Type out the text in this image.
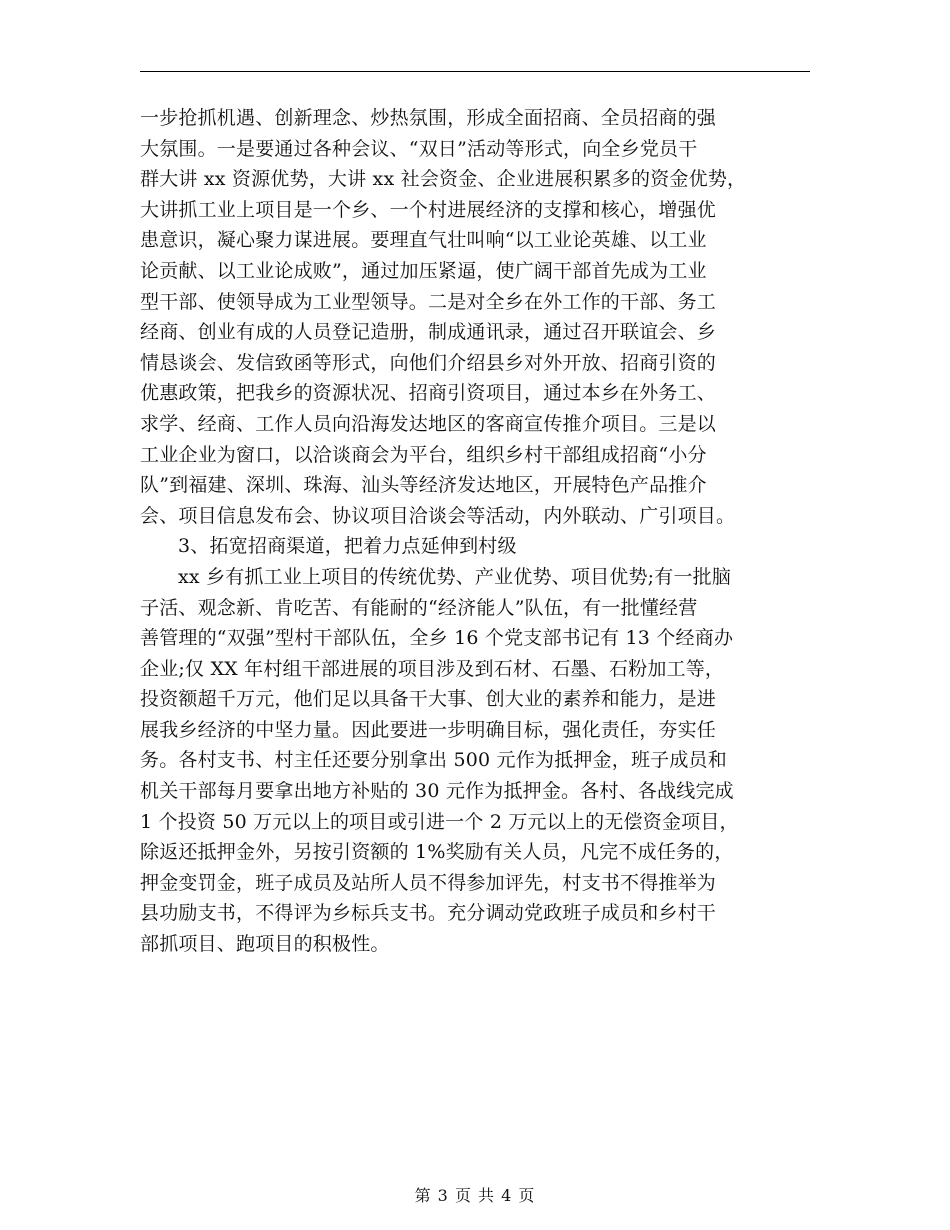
一步抢抓机遇、创新理念、炒热氛围，形成全面招商、全员招商的强
大氛围。一是要通过各种会议、“双日”活动等形式，向全乡党员干
群大讲 xx 资源优势，大讲 xx 社会资金、企业进展积累多的资金优势，
大讲抓工业上项目是一个乡、一个村进展经济的支撑和核心，增强优
患意识，凝心聚力谋进展。要理直气壮叫响“以工业论英雄、以工业
论贡献、以工业论成败”，通过加压紧逼，使广阔干部首先成为工业
型干部、使领导成为工业型领导。二是对全乡在外工作的干部、务工
经商、创业有成的人员登记造册，制成通讯录，通过召开联谊会、乡
情恳谈会、发信致函等形式，向他们介绍县乡对外开放、招商引资的
优惠政策，把我乡的资源状况、招商引资项目，通过本乡在外务工、
求学、经商、工作人员向沿海发达地区的客商宣传推介项目。三是以
工业企业为窗口，以洽谈商会为平台，组织乡村干部组成招商“小分
队”到福建、深圳、珠海、汕头等经济发达地区，开展特色产品推介
会、项目信息发布会、协议项目洽谈会等活动，内外联动、广引项目。
3、拓宽招商渠道，把着力点延伸到村级
xx 乡有抓工业上项目的传统优势、产业优势、项目优势;有一批脑
子活、观念新、肯吃苦、有能耐的“经济能人”队伍，有一批懂经营
善管理的“双强”型村干部队伍，全乡 16 个党支部书记有 13 个经商办
企业;仅 XX 年村组干部进展的项目涉及到石材、石墨、石粉加工等，
投资额超千万元，他们足以具备干大事、创大业的素养和能力，是进
展我乡经济的中坚力量。因此要进一步明确目标，强化责任，夯实任
务。各村支书、村主任还要分别拿出 500 元作为抵押金，班子成员和
机关干部每月要拿出地方补贴的 30 元作为抵押金。各村、各战线完成
1 个投资 50 万元以上的项目或引进一个 2 万元以上的无偿资金项目，
除返还抵押金外，另按引资额的 1%奖励有关人员，凡完不成任务的，
押金变罚金，班子成员及站所人员不得参加评先，村支书不得推举为
县功励支书，不得评为乡标兵支书。充分调动党政班子成员和乡村干
部抓项目、跑项目的积极性。
第 3 页 共 4 页
